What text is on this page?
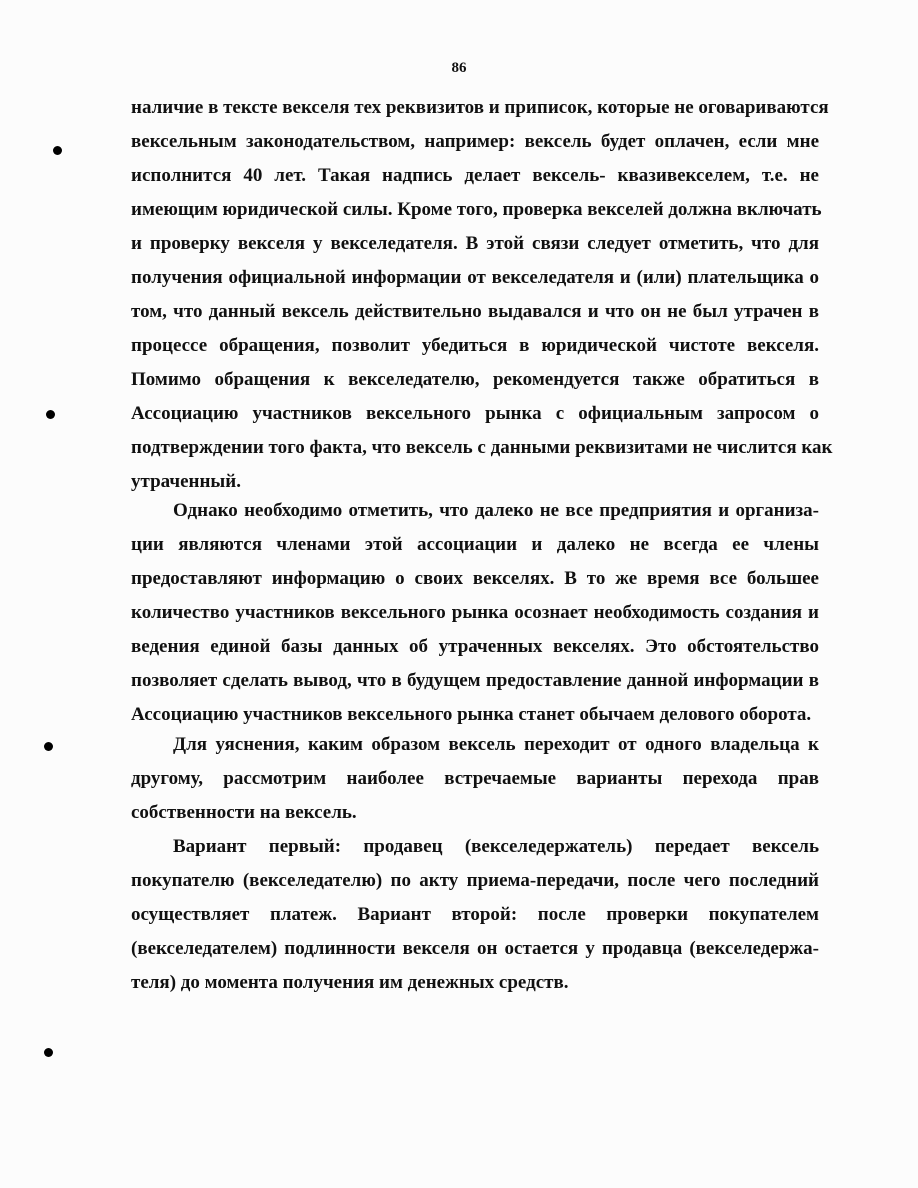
86
наличие в тексте векселя тех реквизитов и приписок, которые не оговариваются
вексельным законодательством, например: вексель будет оплачен, если мне
исполнится 40 лет. Такая надпись делает вексель- квазивекселем, т.е. не
имеющим юридической силы. Кроме того, проверка векселей должна включать
и проверку векселя у векселедателя. В этой связи следует отметить, что для
получения официальной информации от векселедателя и (или) плательщика о
том, что данный вексель действительно выдавался и что он не был утрачен в
процессе обращения, позволит убедиться в юридической чистоте векселя.
Помимо обращения к векселедателю, рекомендуется также обратиться в
Ассоциацию участников вексельного рынка с официальным запросом о
подтверждении того факта, что вексель с данными реквизитами не числится как
утраченный.
Однако необходимо отметить, что далеко не все предприятия и организа-
ции являются членами этой ассоциации и далеко не всегда ее члены
предоставляют информацию о своих векселях. В то же время все большее
количество участников вексельного рынка осознает необходимость создания и
ведения единой базы данных об утраченных векселях. Это обстоятельство
позволяет сделать вывод, что в будущем предоставление данной информации в
Ассоциацию участников вексельного рынка станет обычаем делового оборота.
Для уяснения, каким образом вексель переходит от одного владельца к
другому, рассмотрим наиболее встречаемые варианты перехода прав
собственности на вексель.
Вариант первый: продавец (векселедержатель) передает вексель
покупателю (векселедателю) по акту приема-передачи, после чего последний
осуществляет платеж. Вариант второй: после проверки покупателем
(векселедателем) подлинности векселя он остается у продавца (векселедержа-
теля) до момента получения им денежных средств.
